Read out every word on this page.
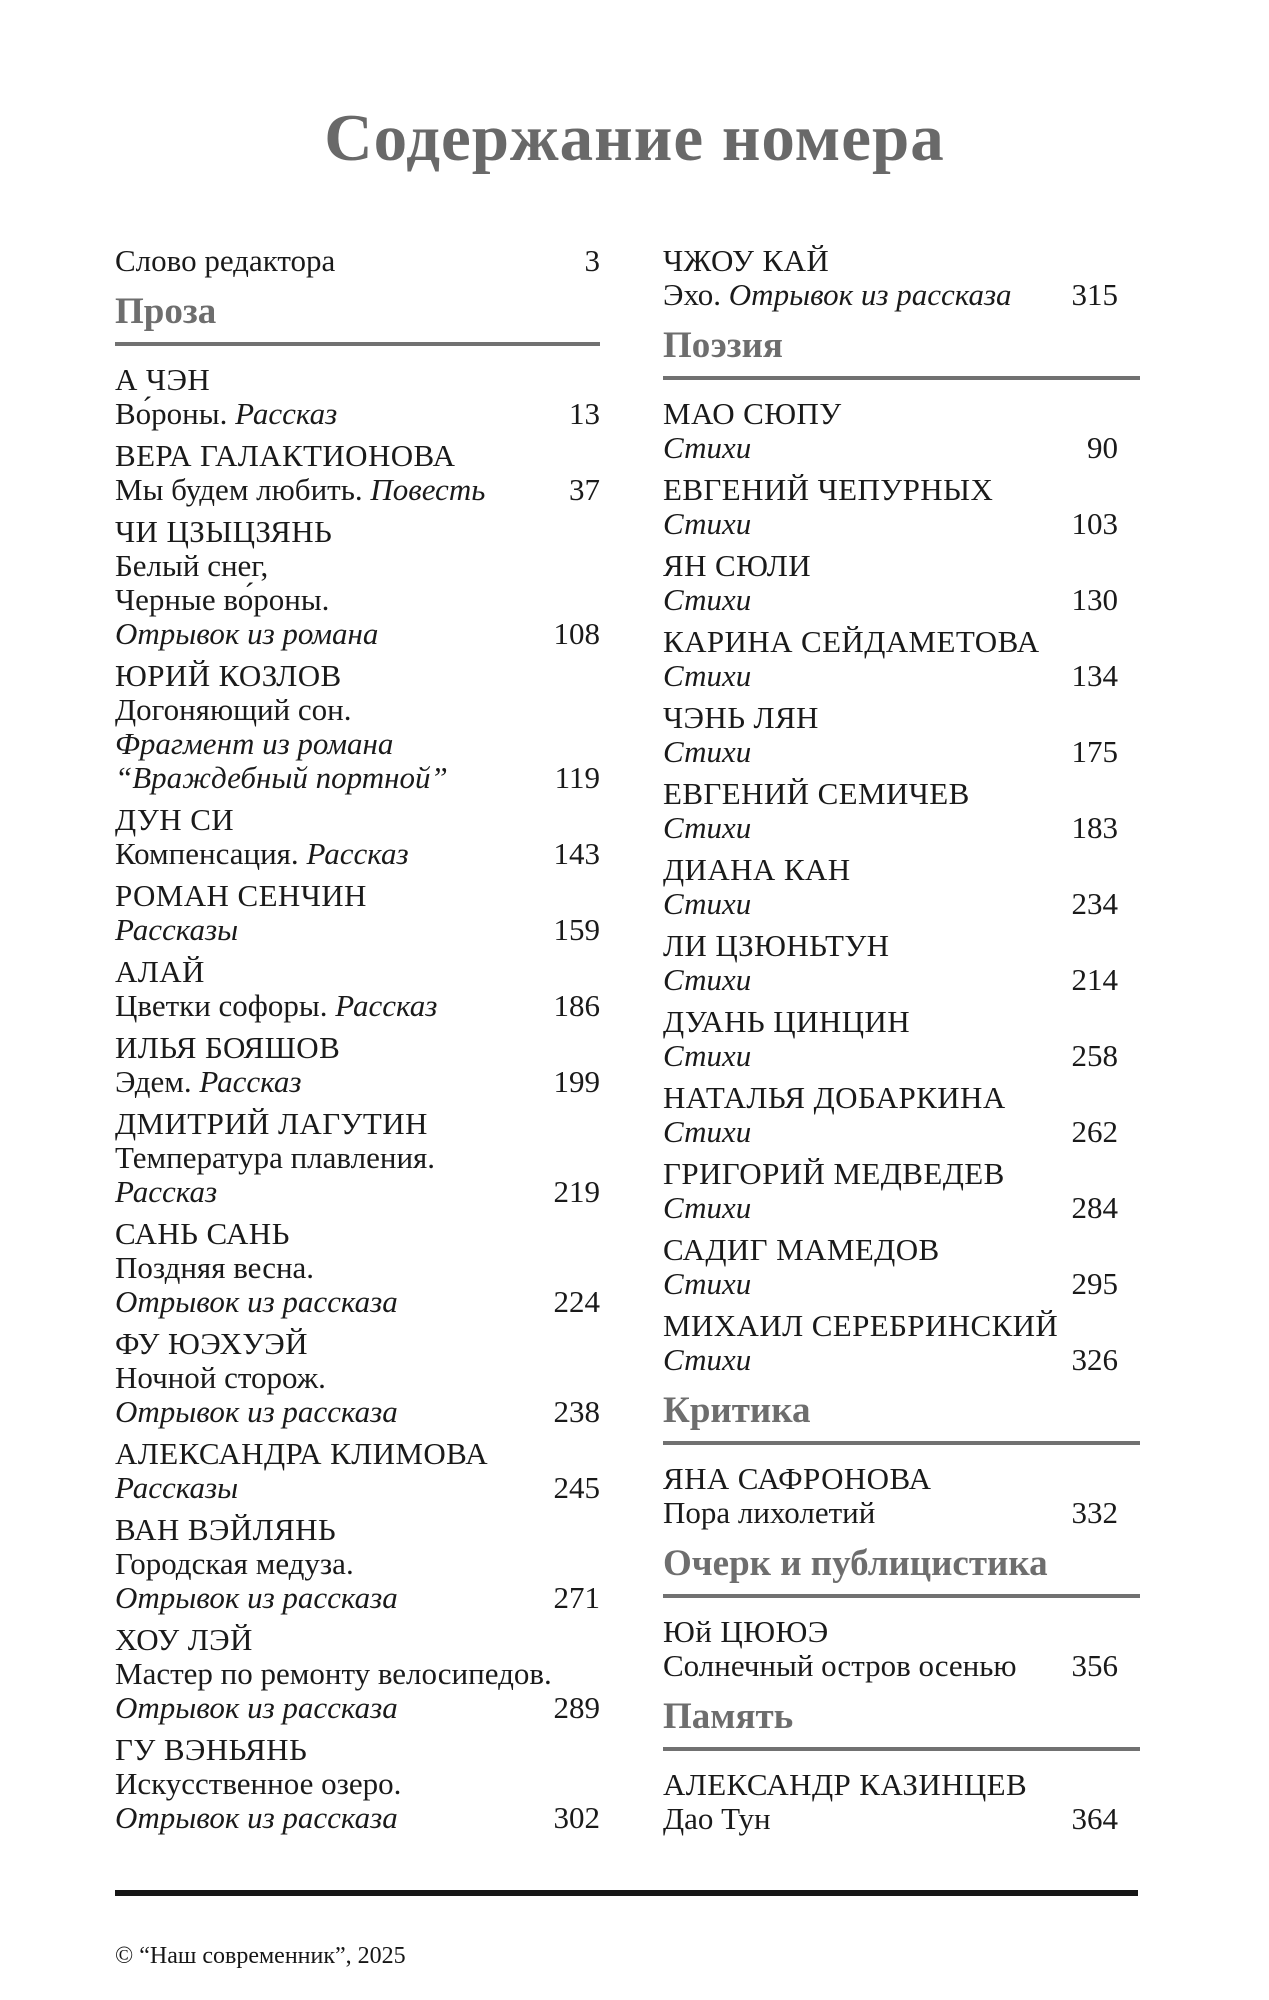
Содержание номера
Слово редактора	3
Проза
А ЧЭН
Во́роны. Рассказ	13
ВЕРА ГАЛАКТИОНОВА
Мы будем любить. Повесть	37
ЧИ ЦЗЫЦЗЯНЬ
Белый снег,
Черные во́роны.
Отрывок из романа	108
ЮРИЙ КОЗЛОВ
Догоняющий сон.
Фрагмент из романа
“Враждебный портной”	119
ДУН СИ
Компенсация. Рассказ	143
РОМАН СЕНЧИН
Рассказы	159
АЛАЙ
Цветки софоры. Рассказ	186
ИЛЬЯ БОЯШОВ
Эдем. Рассказ	199
ДМИТРИЙ ЛАГУТИН
Температура плавления.
Рассказ	219
САНЬ САНЬ
Поздняя весна.
Отрывок из рассказа	224
ФУ ЮЭХУЭЙ
Ночной сторож.
Отрывок из рассказа	238
АЛЕКСАНДРА КЛИМОВА
Рассказы	245
ВАН ВЭЙЛЯНЬ
Городская медуза.
Отрывок из рассказа	271
ХОУ ЛЭЙ
Мастер по ремонту велосипедов.
Отрывок из рассказа	289
ГУ ВЭНЬЯНЬ
Искусственное озеро.
Отрывок из рассказа	302
ЧЖОУ КАЙ
Эхо. Отрывок из рассказа	315
Поэзия
МАО СЮПУ
Стихи	90
ЕВГЕНИЙ ЧЕПУРНЫХ
Стихи	103
ЯН СЮЛИ
Стихи	130
КАРИНА СЕЙДАМЕТОВА
Стихи	134
ЧЭНЬ ЛЯН
Стихи	175
ЕВГЕНИЙ СЕМИЧЕВ
Стихи	183
ДИАНА КАН
Стихи	234
ЛИ ЦЗЮНЬТУН
Стихи	214
ДУАНЬ ЦИНЦИН
Стихи	258
НАТАЛЬЯ ДОБАРКИНА
Стихи	262
ГРИГОРИЙ МЕДВЕДЕВ
Стихи	284
САДИГ МАМЕДОВ
Стихи	295
МИХАИЛ СЕРЕБРИНСКИЙ
Стихи	326
Критика
ЯНА САФРОНОВА
Пора лихолетий	332
Очерк и публицистика
Юй ЦЮЮЭ
Солнечный остров осенью	356
Память
АЛЕКСАНДР КАЗИНЦЕВ
Дао Тун	364
© “Наш современник”, 2025
